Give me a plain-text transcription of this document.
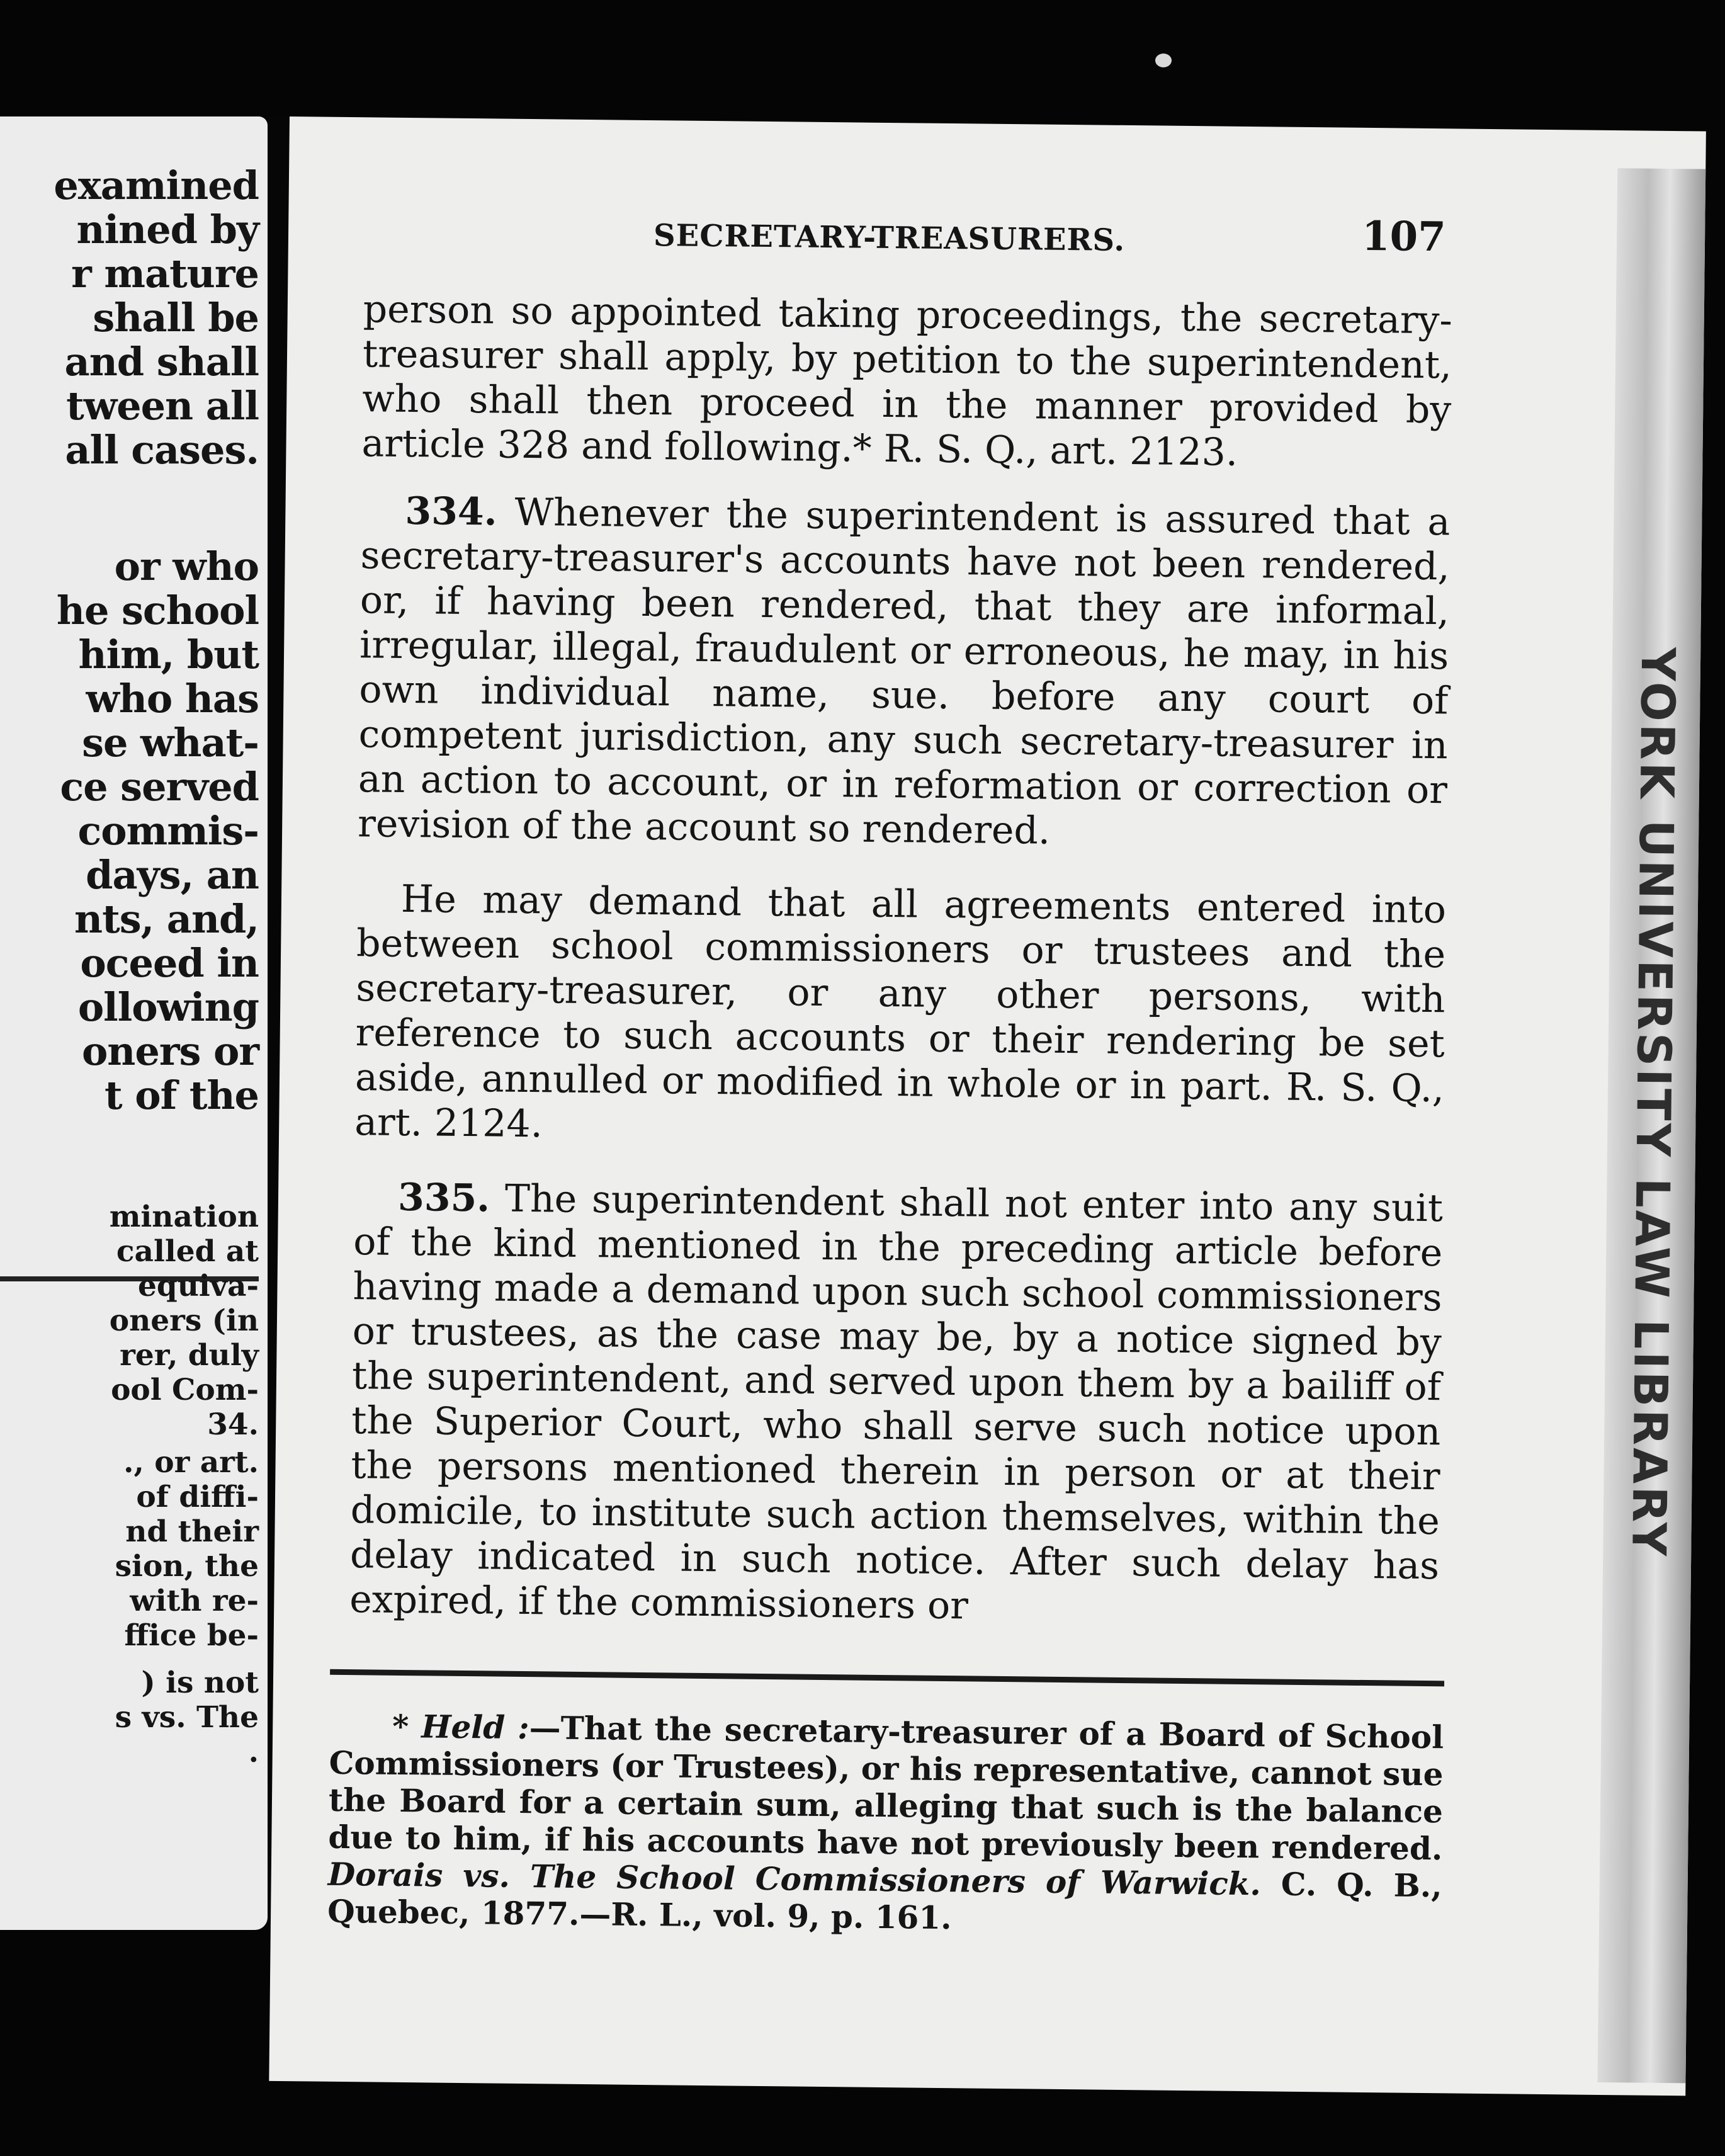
examined
nined by
r mature
shall be
and shall
tween all
all cases.
or who
he school
him, but
who has
se what-
ce served
commis-
days, an
nts, and,
oceed in
ollowing
oners or
t of the
mination
called at
equiva-
oners (in
rer, duly
ool Com-
34.
., or art.
of diffi-
nd their
sion, the
with re-
ffice be-
) is not
s vs. The
.
YORK UNIVERSITY LAW LIBRARY
SECRETARY-TREASURERS.	107

person so appointed taking proceedings, the secretary-treasurer shall apply, by petition to the superintendent, who shall then proceed in the manner provided by article 328 and following.* R. S. Q., art. 2123.

334. Whenever the superintendent is assured that a secretary-treasurer's accounts have not been rendered, or, if having been rendered, that they are informal, irregular, illegal, fraudulent or erroneous, he may, in his own individual name, sue. before any court of competent jurisdiction, any such secretary-treasurer in an action to account, or in reformation or correction or revision of the account so rendered.

He may demand that all agreements entered into between school commissioners or trustees and the secretary-treasurer, or any other persons, with reference to such accounts or their rendering be set aside, annulled or modified in whole or in part. R. S. Q., art. 2124.

335. The superintendent shall not enter into any suit of the kind mentioned in the preceding article before having made a demand upon such school commissioners or trustees, as the case may be, by a notice signed by the superintendent, and served upon them by a bailiff of the Superior Court, who shall serve such notice upon the persons mentioned therein in person or at their domicile, to institute such action themselves, within the delay indicated in such notice. After such delay has expired, if the commissioners or

* Held :—That the secretary-treasurer of a Board of School Commissioners (or Trustees), or his representative, cannot sue the Board for a certain sum, alleging that such is the balance due to him, if his accounts have not previously been rendered. Dorais vs. The School Commissioners of Warwick. C. Q. B., Quebec, 1877.—R. L., vol. 9, p. 161.
